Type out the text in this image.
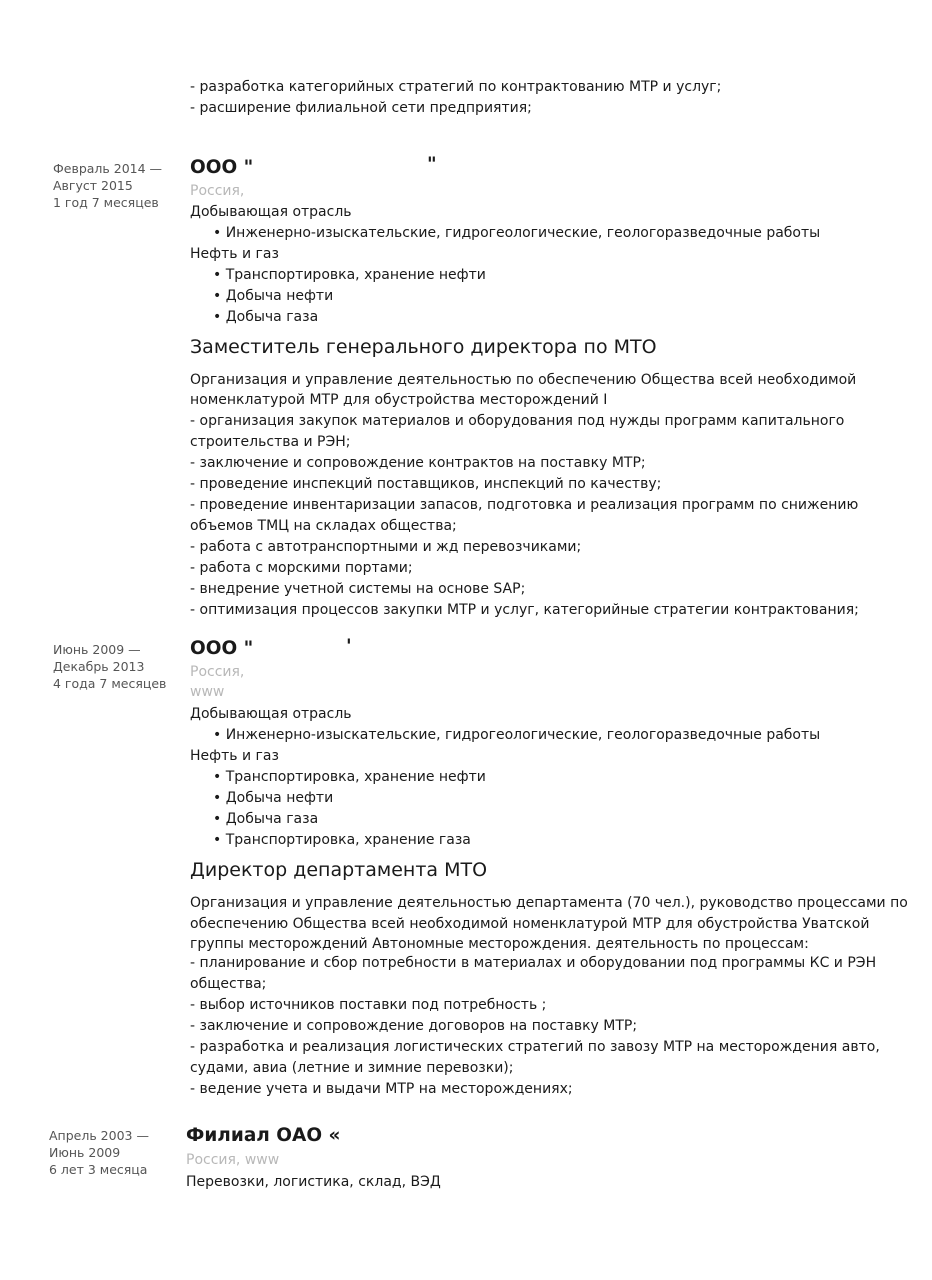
- разработка категорийных стратегий по контрактованию МТР и услуг;
- расширение филиальной сети предприятия;
Февраль 2014 —
Август 2015
1 год 7 месяцев
ООО "	"
Россия,
Добывающая отрасль
• Инженерно-изыскательские, гидрогеологические, геологоразведочные работы
Нефть и газ
• Транспортировка, хранение нефти
• Добыча нефти
• Добыча газа
Заместитель генерального директора по МТО
Организация и управление деятельностью по обеспечению Общества всей необходимой
номенклатурой МТР для обустройства месторождений I
- организация закупок материалов и оборудования под нужды программ капитального
строительства и РЭН;
- заключение и сопровождение контрактов на поставку МТР;
- проведение инспекций поставщиков, инспекций по качеству;
- проведение инвентаризации запасов, подготовка и реализация программ по снижению
объемов ТМЦ на складах общества;
- работа с автотранспортными и жд перевозчиками;
- работа с морскими портами;
- внедрение учетной системы на основе SAP;
- оптимизация процессов закупки МТР и услуг, категорийные стратегии контрактования;
Июнь 2009 —
Декабрь 2013
4 года 7 месяцев
ООО "	'
Россия,
www
Добывающая отрасль
• Инженерно-изыскательские, гидрогеологические, геологоразведочные работы
Нефть и газ
• Транспортировка, хранение нефти
• Добыча нефти
• Добыча газа
• Транспортировка, хранение газа
Директор департамента МТО
Организация и управление деятельностью департамента (70 чел.), руководство процессами по
обеспечению Общества всей необходимой номенклатурой МТР для обустройства Уватской
группы месторождений Автономные месторождения. деятельность по процессам:
- планирование и сбор потребности в материалах и оборудовании под программы КС и РЭН
общества;
- выбор источников поставки под потребность ;
- заключение и сопровождение договоров на поставку МТР;
- разработка и реализация логистических стратегий по завозу МТР на месторождения авто,
судами, авиа (летние и зимние перевозки);
- ведение учета и выдачи МТР на месторождениях;
Апрель 2003 —
Июнь 2009
6 лет 3 месяца
Филиал ОАО «
Россия, www
Перевозки, логистика, склад, ВЭД
